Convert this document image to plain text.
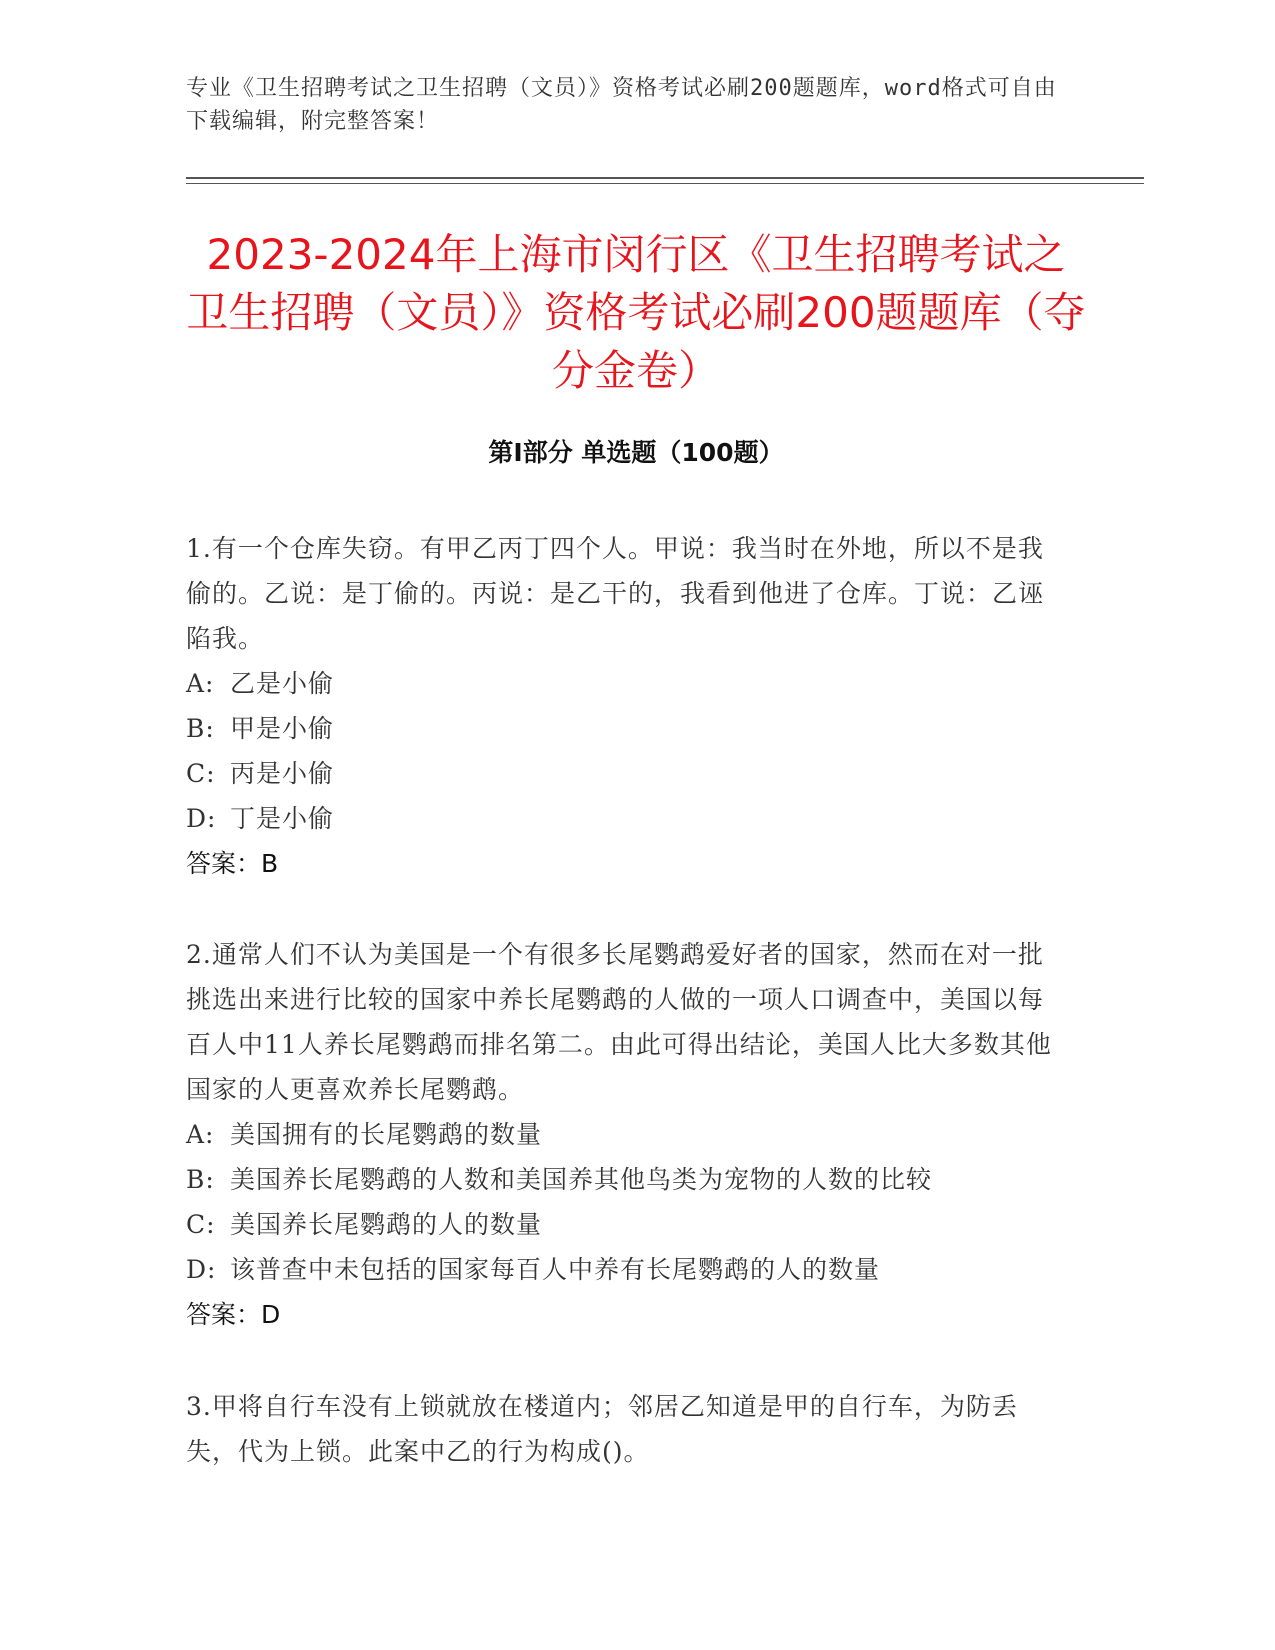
专业《卫生招聘考试之卫生招聘（文员）》资格考试必刷200题题库，word格式可自由下载编辑，附完整答案！

2023-2024年上海市闵行区《卫生招聘考试之卫生招聘（文员）》资格考试必刷200题题库（夺分金卷）
第I部分 单选题（100题）

1.有一个仓库失窃。有甲乙丙丁四个人。甲说：我当时在外地，所以不是我偷的。乙说：是丁偷的。丙说：是乙干的，我看到他进了仓库。丁说：乙诬陷我。

A: 乙是小偷

B: 甲是小偷

C: 丙是小偷

D: 丁是小偷

答案：B

2.通常人们不认为美国是一个有很多长尾鹦鹉爱好者的国家，然而在对一批挑选出来进行比较的国家中养长尾鹦鹉的人做的一项人口调查中，美国以每百人中11人养长尾鹦鹉而排名第二。由此可得出结论，美国人比大多数其他国家的人更喜欢养长尾鹦鹉。

A: 美国拥有的长尾鹦鹉的数量

B: 美国养长尾鹦鹉的人数和美国养其他鸟类为宠物的人数的比较

C: 美国养长尾鹦鹉的人的数量

D: 该普查中未包括的国家每百人中养有长尾鹦鹉的人的数量

答案：D

3.甲将自行车没有上锁就放在楼道内；邻居乙知道是甲的自行车，为防丢失，代为上锁。此案中乙的行为构成()。
